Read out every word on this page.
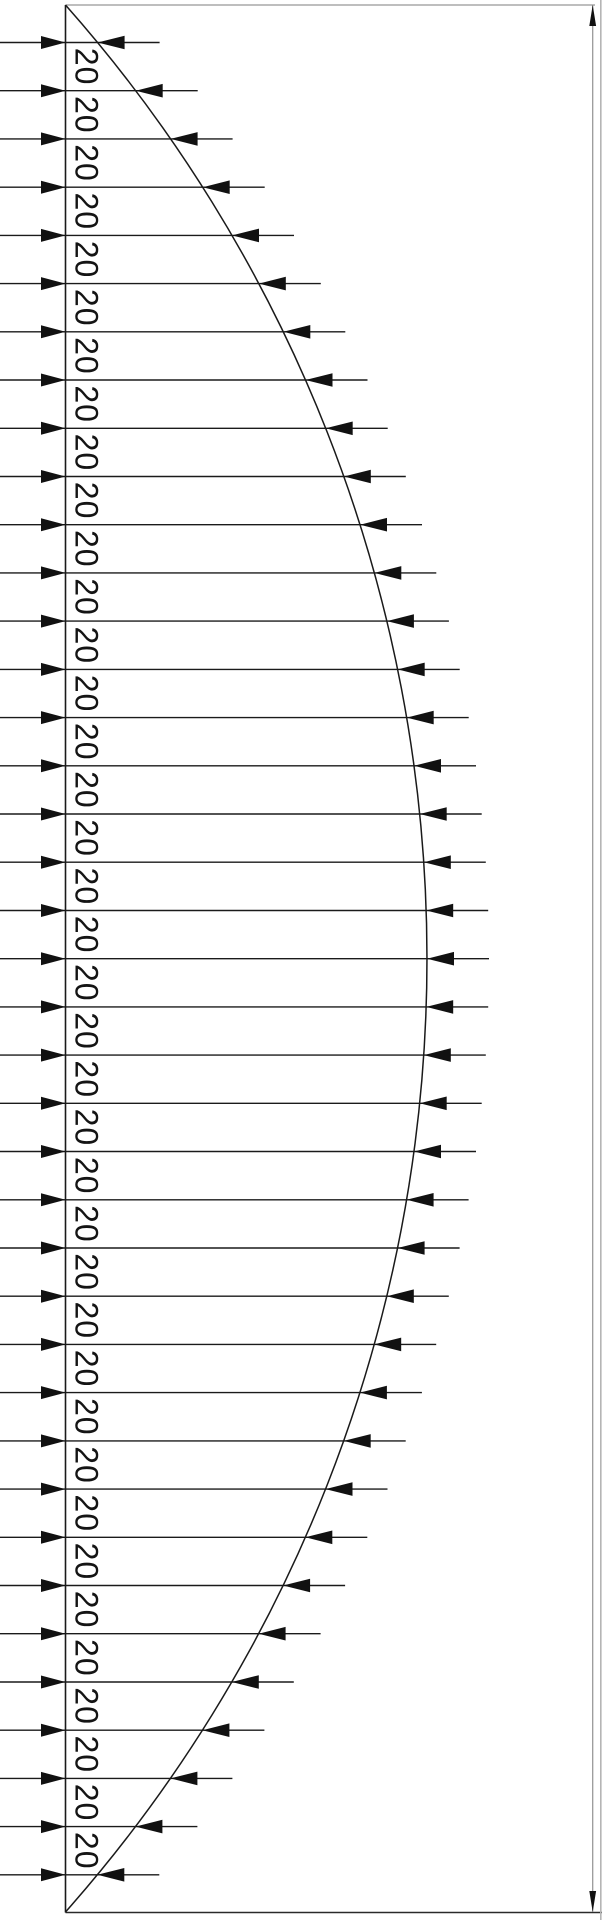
20
20
20
20
20
20
20
20
20
20
20
20
20
20
20
20
20
20
20
20
20
20
20
20
20
20
20
20
20
20
20
20
20
20
20
20
20
20
